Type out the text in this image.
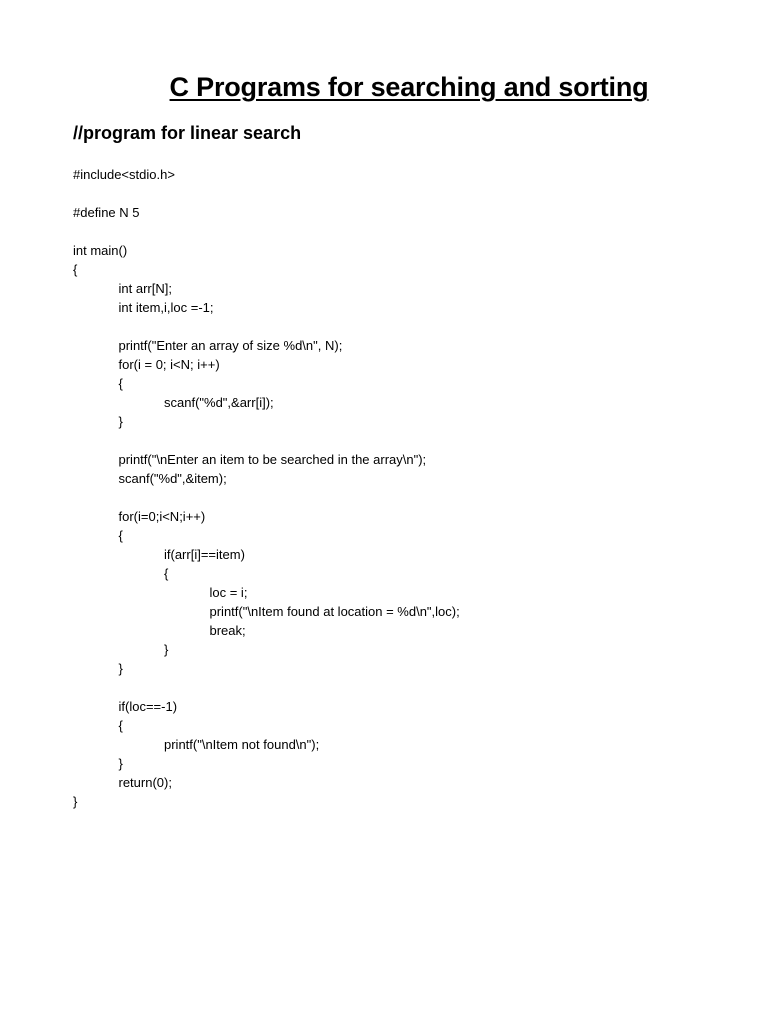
C Programs for searching and sorting
//program for linear search
#include<stdio.h>
#define N 5
int main()
{
int arr[N];
int item,i,loc =-1;
printf("Enter an array of size %d\n", N);
for(i = 0; i<N; i++)
{
scanf("%d",&arr[i]);
}
printf("\nEnter an item to be searched in the array\n");
scanf("%d",&item);
for(i=0;i<N;i++)
{
if(arr[i]==item)
{
loc = i;
printf("\nItem found at location = %d\n",loc);
break;
}
}
if(loc==-1)
{
printf("\nItem not found\n");
}
return(0);
}
